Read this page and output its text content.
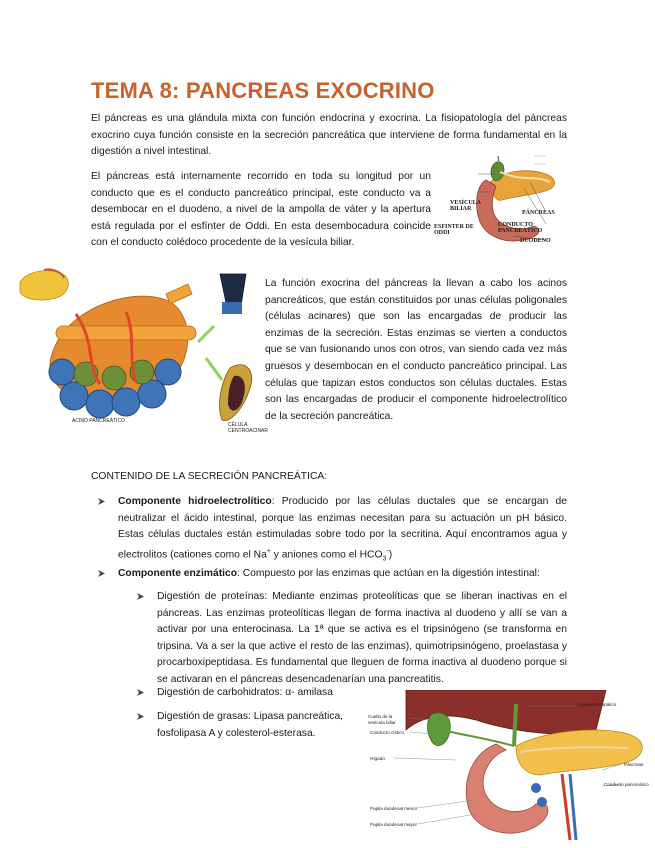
TEMA 8: PANCREAS EXOCRINO

El páncreas es una glándula mixta con función endocrina y exocrina. La fisiopatología del páncreas exocrino cuya función consiste en la secreción pancreática que interviene de forma fundamental en la digestión a nivel intestinal.

El páncreas está internamente recorrido en toda su longitud por un conducto que es el conducto pancreático principal, este conducto va a desembocar en el duodeno, a nivel de la ampolla de váter y la apertura está regulada por el esfínter de Oddi. En esta desembocadura coincide con el conducto colédoco procedente de la vesícula biliar.

VESÍCULA BILIAR
ESFINTER DE ODDI
PÁNCREAS
CONDUCTO PANCREÁTICO
DUODENO
ACINO PANCREÁTICO
CÉLULA CENTROACINAR

La función exocrina del páncreas la llevan a cabo los acinos pancreáticos, que están constituidos por unas células poligonales (células acinares) que son las encargadas de producir las enzimas de la secreción. Estas enzimas se vierten a conductos que se van fusionando unos con otros, van siendo cada vez más gruesos y desembocan en el conducto pancreático principal. Las células que tapizan estos conductos son células ductales. Estas son las encargadas de producir el componente hidroelectrolítico de la secreción pancreática.

CONTENIDO DE LA SECRECIÓN PANCREÁTICA:

Componente hidroelectrolítico: Producido por las células ductales que se encargan de neutralizar el ácido intestinal, porque las enzimas necesitan para su actuación un pH básico. Estas células ductales están estimuladas sobre todo por la secritina. Aquí encontramos agua y electrolitos (cationes como el Na+ y aniones como el $HCO_3^-$)
Componente enzimático: Compuesto por las enzimas que actúan en la digestión intestinal:
Digestión de proteínas: Mediante enzimas proteolíticas que se liberan inactivas en el páncreas. Las enzimas proteolíticas llegan de forma inactiva al duodeno y allí se van a activar por una enterocinasa. La 1ª que se activa es el tripsinógeno (se transforma en tripsina. Va a ser la que active el resto de las enzimas), quimotripsinógeno, proelastasa y procarboxipeptidasa. Es fundamental que lleguen de forma inactiva al duodeno porque si se activaran en el páncreas desencadenarían una pancreatitis.
Digestión de carbohidratos: α- amilasa
Digestión de grasas: Lipasa pancreática, fosfolipasa A y colesterol-esterasa.
Conducto hepático
Cuello de la vesícula biliar
Conducto cístico
Hígado
Papila duodenal menor
Papila duodenal mayor
Páncreas
Conducto pancreático
